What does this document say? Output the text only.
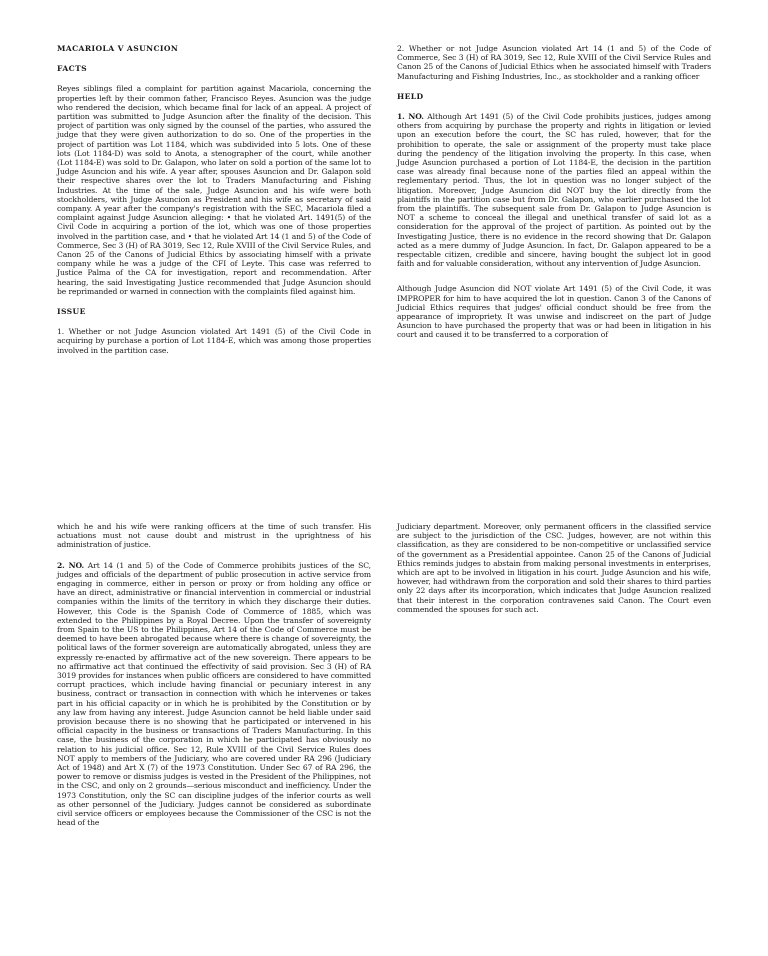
MACARIOLA V ASUNCION
FACTS

Reyes siblings filed a complaint for partition against Macariola, concerning the properties left by their common father, Francisco Reyes. Asuncion was the judge who rendered the decision, which became final for lack of an appeal. A project of partition was submitted to Judge Asuncion after the finality of the decision. This project of partition was only signed by the counsel of the parties, who assured the judge that they were given authorization to do so. One of the properties in the project of partition was Lot 1184, which was subdivided into 5 lots. One of these lots (Lot 1184-D) was sold to Anota, a stenographer of the court, while another (Lot 1184-E) was sold to Dr. Galapon, who later on sold a portion of the same lot to Judge Asuncion and his wife. A year after, spouses Asuncion and Dr. Galapon sold their respective shares over the lot to Traders Manufacturing and Fishing Industries. At the time of the sale, Judge Asuncion and his wife were both stockholders, with Judge Asuncion as President and his wife as secretary of said company. A year after the company's registration with the SEC, Macariola filed a complaint against Judge Asuncion alleging: • that he violated Art. 1491(5) of the Civil Code in acquiring a portion of the lot, which was one of those properties involved in the partition case, and • that he violated Art 14 (1 and 5) of the Code of Commerce, Sec 3 (H) of RA 3019, Sec 12, Rule XVIII of the Civil Service Rules, and Canon 25 of the Canons of Judicial Ethics by associating himself with a private company while he was a judge of the CFI of Leyte. This case was referred to Justice Palma of the CA for investigation, report and recommendation. After hearing, the said Investigating Justice recommended that Judge Asuncion should be reprimanded or warned in connection with the complaints filed against him.

ISSUE

1. Whether or not Judge Asuncion violated Art 1491 (5) of the Civil Code in acquiring by purchase a portion of Lot 1184-E, which was among those properties involved in the partition case.

2. Whether or not Judge Asuncion violated Art 14 (1 and 5) of the Code of Commerce, Sec 3 (H) of RA 3019, Sec 12, Rule XVIII of the Civil Service Rules and Canon 25 of the Canons of Judicial Ethics when he associated himself with Traders Manufacturing and Fishing Industries, Inc., as stockholder and a ranking officer

HELD

1. NO. Although Art 1491 (5) of the Civil Code prohibits justices, judges among others from acquiring by purchase the property and rights in litigation or levied upon an execution before the court, the SC has ruled, however, that for the prohibition to operate, the sale or assignment of the property must take place during the pendency of the litigation involving the property. In this case, when Judge Asuncion purchased a portion of Lot 1184-E, the decision in the partition case was already final because none of the parties filed an appeal within the reglementary period. Thus, the lot in question was no longer subject of the litigation. Moreover, Judge Asuncion did NOT buy the lot directly from the plaintiffs in the partition case but from Dr. Galapon, who earlier purchased the lot from the plaintiffs. The subsequent sale from Dr. Galapon to Judge Asuncion is NOT a scheme to conceal the illegal and unethical transfer of said lot as a consideration for the approval of the project of partition. As pointed out by the Investigating Justice, there is no evidence in the record showing that Dr. Galapon acted as a mere dummy of Judge Asuncion. In fact, Dr. Galapon appeared to be a respectable citizen, credible and sincere, having bought the subject lot in good faith and for valuable consideration, without any intervention of Judge Asuncion.

Although Judge Asuncion did NOT violate Art 1491 (5) of the Civil Code, it was IMPROPER for him to have acquired the lot in question. Canon 3 of the Canons of Judicial Ethics requires that judges' official conduct should be free from the appearance of impropriety. It was unwise and indiscreet on the part of Judge Asuncion to have purchased the property that was or had been in litigation in his court and caused it to be transferred to a corporation of

which he and his wife were ranking officers at the time of such transfer. His actuations must not cause doubt and mistrust in the uprightness of his administration of justice.

2. NO. Art 14 (1 and 5) of the Code of Commerce prohibits justices of the SC, judges and officials of the department of public prosecution in active service from engaging in commerce, either in person or proxy or from holding any office or have an direct, administrative or financial intervention in commercial or industrial companies within the limits of the territory in which they discharge their duties. However, this Code is the Spanish Code of Commerce of 1885, which was extended to the Philippines by a Royal Decree. Upon the transfer of sovereignty from Spain to the US to the Philippines, Art 14 of the Code of Commerce must be deemed to have been abrogated because where there is change of sovereignty, the political laws of the former sovereign are automatically abrogated, unless they are expressly re-enacted by affirmative act of the new sovereign. There appears to be no affirmative act that continued the effectivity of said provision. Sec 3 (H) of RA 3019 provides for instances when public officers are considered to have committed corrupt practices, which include having financial or pecuniary interest in any business, contract or transaction in connection with which he intervenes or takes part in his official capacity or in which he is prohibited by the Constitution or by any law from having any interest. Judge Asuncion cannot be held liable under said provision because there is no showing that he participated or intervened in his official capacity in the business or transactions of Traders Manufacturing. In this case, the business of the corporation in which he participated has obviously no relation to his judicial office. Sec 12, Rule XVIII of the Civil Service Rules does NOT apply to members of the Judiciary, who are covered under RA 296 (Judiciary Act of 1948) and Art X (7) of the 1973 Constitution. Under Sec 67 of RA 296, the power to remove or dismiss judges is vested in the President of the Philippines, not in the CSC, and only on 2 grounds—serious misconduct and inefficiency. Under the 1973 Constitution, only the SC can discipline judges of the inferior courts as well as other personnel of the Judiciary. Judges cannot be considered as subordinate civil service officers or employees because the Commissioner of the CSC is not the head of the

Judiciary department. Moreover, only permanent officers in the classified service are subject to the jurisdiction of the CSC. Judges, however, are not within this classification, as they are considered to be non-competitive or unclassified service of the government as a Presidential appointee. Canon 25 of the Canons of Judicial Ethics reminds judges to abstain from making personal investments in enterprises, which are apt to be involved in litigation in his court. Judge Asuncion and his wife, however, had withdrawn from the corporation and sold their shares to third parties only 22 days after its incorporation, which indicates that Judge Asuncion realized that their interest in the corporation contravenes said Canon. The Court even commended the spouses for such act.
